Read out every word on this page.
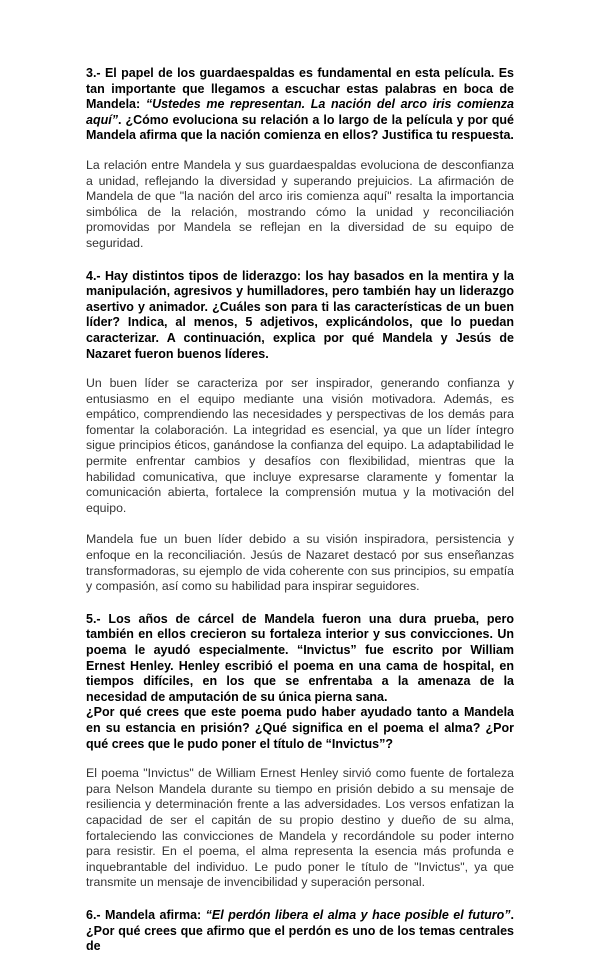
3.- El papel de los guardaespaldas es fundamental en esta película. Es tan importante que llegamos a escuchar estas palabras en boca de Mandela: “Ustedes me representan. La nación del arco iris comienza aquí”. ¿Cómo evoluciona su relación a lo largo de la película y por qué Mandela afirma que la nación comienza en ellos? Justifica tu respuesta.

La relación entre Mandela y sus guardaespaldas evoluciona de desconfianza a unidad, reflejando la diversidad y superando prejuicios. La afirmación de Mandela de que "la nación del arco iris comienza aquí" resalta la importancia simbólica de la relación, mostrando cómo la unidad y reconciliación promovidas por Mandela se reflejan en la diversidad de su equipo de seguridad.

4.- Hay distintos tipos de liderazgo: los hay basados en la mentira y la manipulación, agresivos y humilladores, pero también hay un liderazgo asertivo y animador. ¿Cuáles son para ti las características de un buen líder? Indica, al menos, 5 adjetivos, explicándolos, que lo puedan caracterizar. A continuación, explica por qué Mandela y Jesús de Nazaret fueron buenos líderes.

Un buen líder se caracteriza por ser inspirador, generando confianza y entusiasmo en el equipo mediante una visión motivadora. Además, es empático, comprendiendo las necesidades y perspectivas de los demás para fomentar la colaboración. La integridad es esencial, ya que un líder íntegro sigue principios éticos, ganándose la confianza del equipo. La adaptabilidad le permite enfrentar cambios y desafíos con flexibilidad, mientras que la habilidad comunicativa, que incluye expresarse claramente y fomentar la comunicación abierta, fortalece la comprensión mutua y la motivación del equipo.

Mandela fue un buen líder debido a su visión inspiradora, persistencia y enfoque en la reconciliación. Jesús de Nazaret destacó por sus enseñanzas transformadoras, su ejemplo de vida coherente con sus principios, su empatía y compasión, así como su habilidad para inspirar seguidores.

5.- Los años de cárcel de Mandela fueron una dura prueba, pero también en ellos crecieron su fortaleza interior y sus convicciones. Un poema le ayudó especialmente. “Invictus” fue escrito por William Ernest Henley. Henley escribió el poema en una cama de hospital, en tiempos difíciles, en los que se enfrentaba a la amenaza de la necesidad de amputación de su única pierna sana.

¿Por qué crees que este poema pudo haber ayudado tanto a Mandela en su estancia en prisión? ¿Qué significa en el poema el alma? ¿Por qué crees que le pudo poner el título de “Invictus”?

El poema "Invictus" de William Ernest Henley sirvió como fuente de fortaleza para Nelson Mandela durante su tiempo en prisión debido a su mensaje de resiliencia y determinación frente a las adversidades. Los versos enfatizan la capacidad de ser el capitán de su propio destino y dueño de su alma, fortaleciendo las convicciones de Mandela y recordándole su poder interno para resistir. En el poema, el alma representa la esencia más profunda e inquebrantable del individuo. Le pudo poner le título de "Invictus", ya que transmite un mensaje de invencibilidad y superación personal.

6.- Mandela afirma: “El perdón libera el alma y hace posible el futuro”. ¿Por qué crees que afirmo que el perdón es uno de los temas centrales de
